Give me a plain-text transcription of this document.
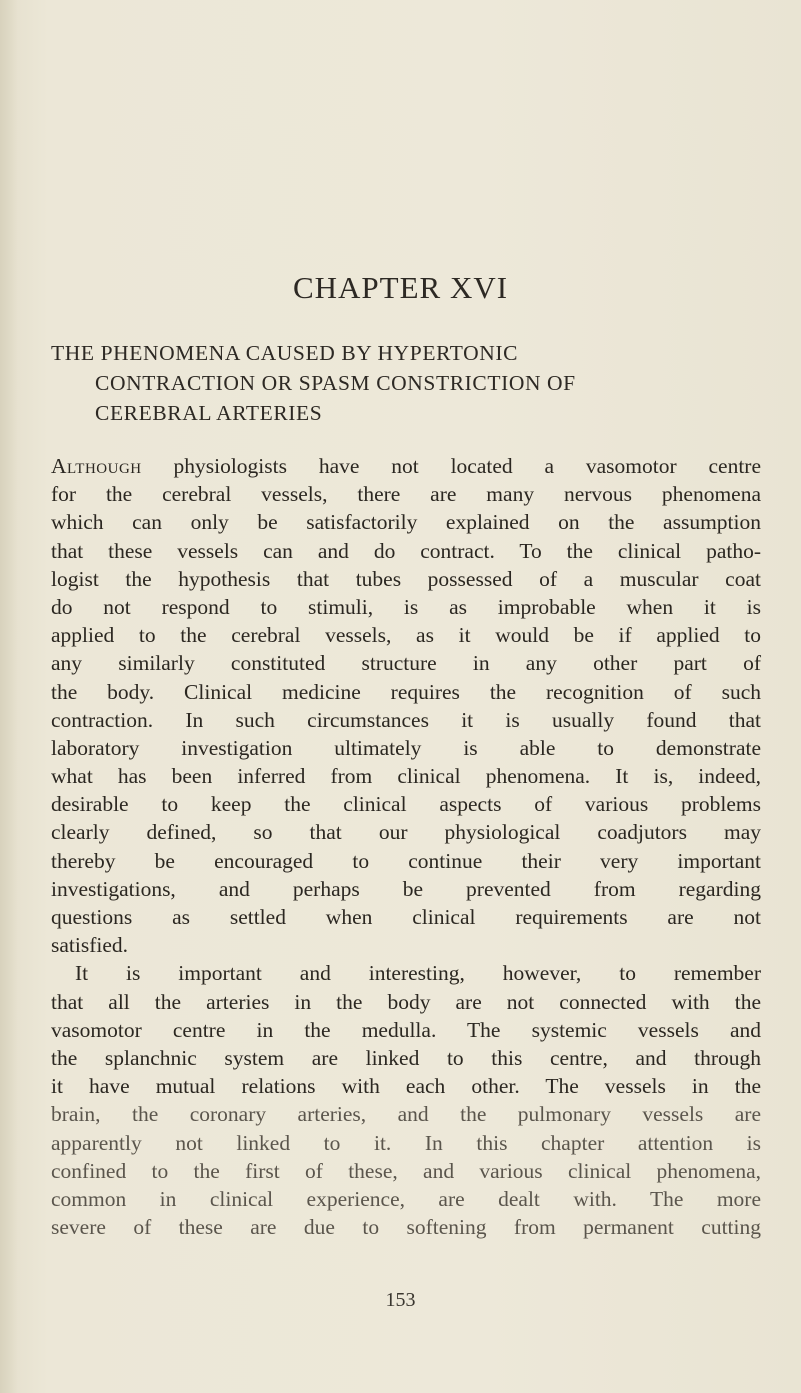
CHAPTER XVI
THE PHENOMENA CAUSED BY HYPERTONIC
CONTRACTION OR SPASM CONSTRICTION OF
CEREBRAL ARTERIES
Although physiologists have not located a vasomotor centre
for the cerebral vessels, there are many nervous phenomena
which can only be satisfactorily explained on the assumption
that these vessels can and do contract. To the clinical patho-
logist the hypothesis that tubes possessed of a muscular coat
do not respond to stimuli, is as improbable when it is
applied to the cerebral vessels, as it would be if applied to
any similarly constituted structure in any other part of
the body. Clinical medicine requires the recognition of such
contraction. In such circumstances it is usually found that
laboratory investigation ultimately is able to demonstrate
what has been inferred from clinical phenomena. It is, indeed,
desirable to keep the clinical aspects of various problems
clearly defined, so that our physiological coadjutors may
thereby be encouraged to continue their very important
investigations, and perhaps be prevented from regarding
questions as settled when clinical requirements are not
satisfied.
It is important and interesting, however, to remember
that all the arteries in the body are not connected with the
vasomotor centre in the medulla. The systemic vessels and
the splanchnic system are linked to this centre, and through
it have mutual relations with each other. The vessels in the
brain, the coronary arteries, and the pulmonary vessels are
apparently not linked to it. In this chapter attention is
confined to the first of these, and various clinical phenomena,
common in clinical experience, are dealt with. The more
severe of these are due to softening from permanent cutting
153
